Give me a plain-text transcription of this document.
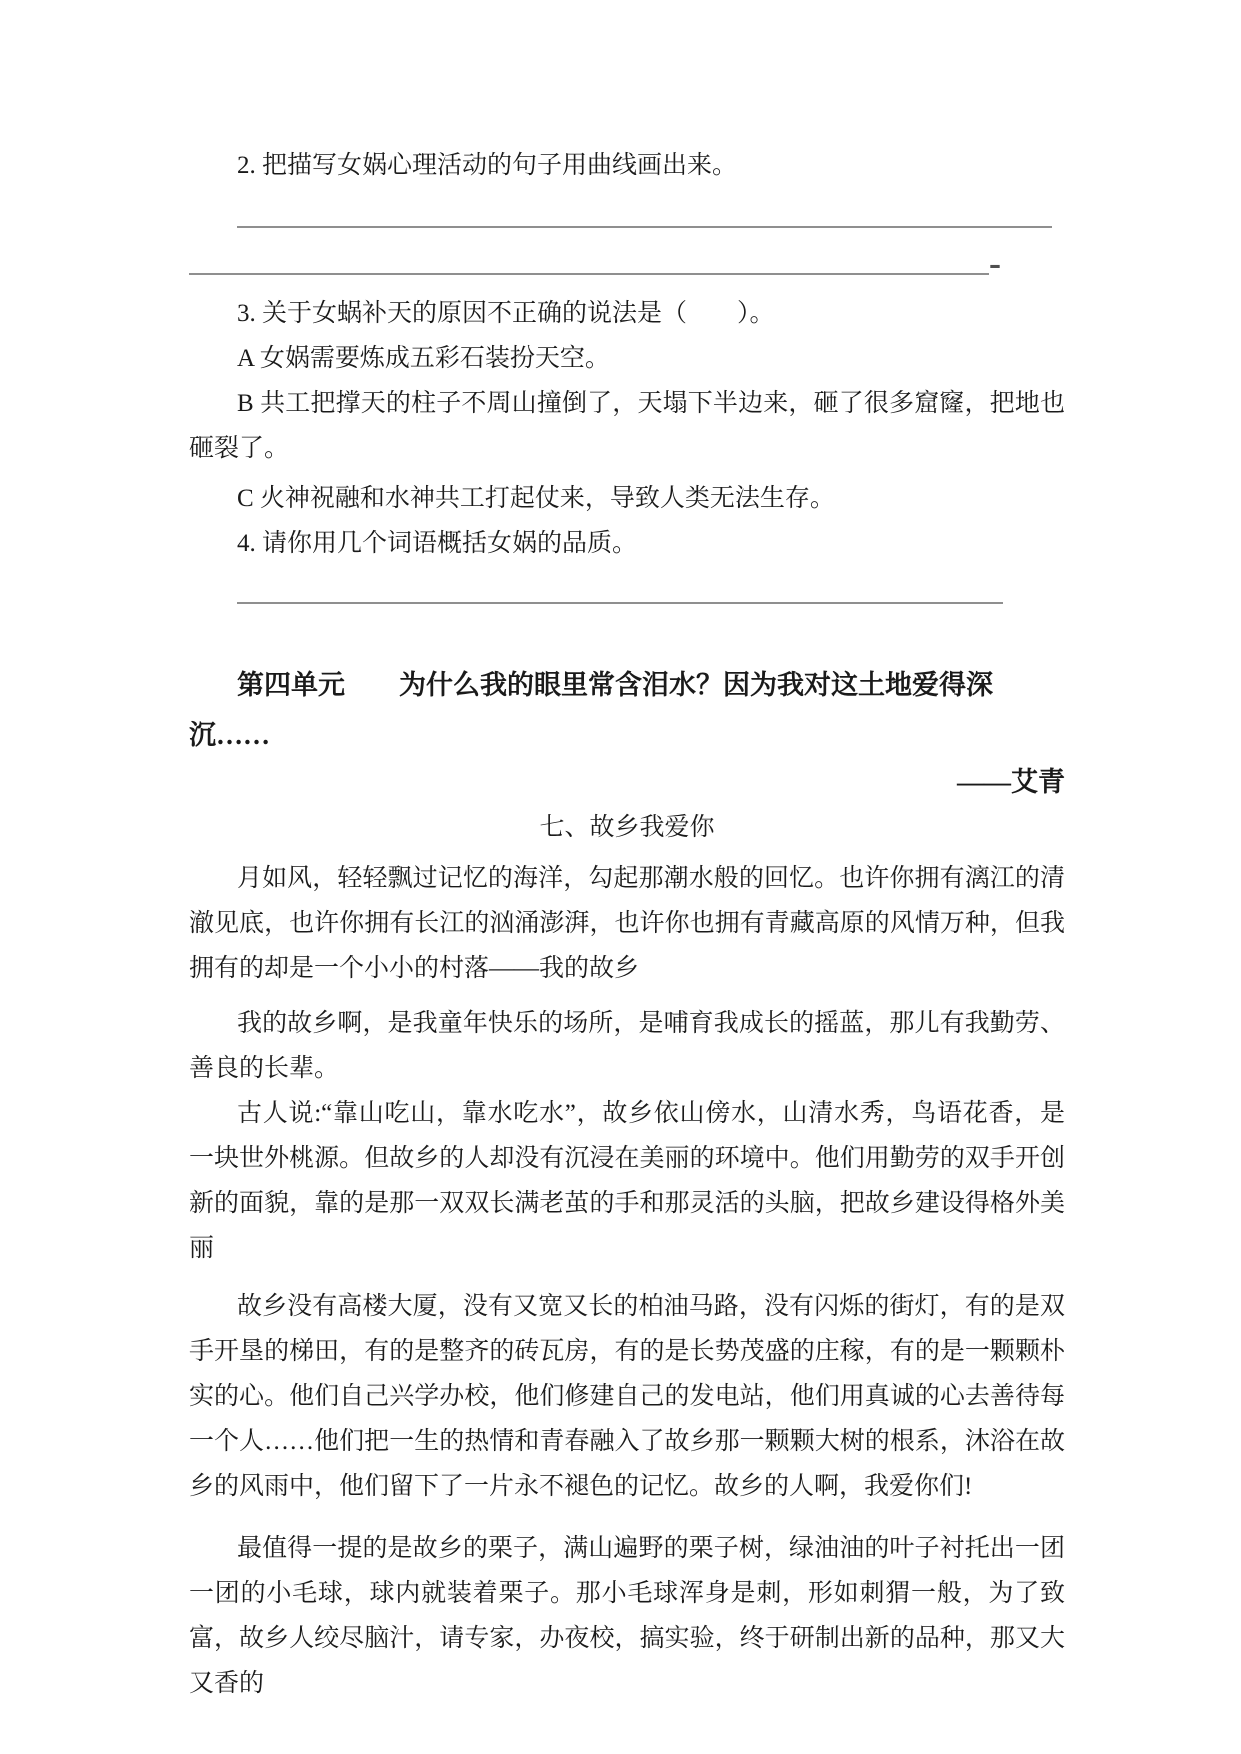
2. 把描写女娲心理活动的句子用曲线画出来。

-

3. 关于女蜗补天的原因不正确的说法是（　　）。

A 女娲需要炼成五彩石装扮天空。

B 共工把撑天的柱子不周山撞倒了，天塌下半边来，砸了很多窟窿，把地也砸裂了。

C 火神祝融和水神共工打起仗来，导致人类无法生存。

4. 请你用几个词语概括女娲的品质。

第四单元　　为什么我的眼里常含泪水？因为我对这土地爱得深沉……

——艾青

七、故乡我爱你

月如风，轻轻飘过记忆的海洋，勾起那潮水般的回忆。也许你拥有漓江的清澈见底，也许你拥有长江的汹涌澎湃，也许你也拥有青藏高原的风情万种，但我拥有的却是一个小小的村落——我的故乡

我的故乡啊，是我童年快乐的场所，是哺育我成长的摇蓝，那儿有我勤劳、善良的长辈。

古人说:“靠山吃山，靠水吃水”，故乡依山傍水，山清水秀，鸟语花香，是一块世外桃源。但故乡的人却没有沉浸在美丽的环境中。他们用勤劳的双手开创新的面貌，靠的是那一双双长满老茧的手和那灵活的头脑，把故乡建设得格外美丽

故乡没有高楼大厦，没有又宽又长的柏油马路，没有闪烁的街灯，有的是双手开垦的梯田，有的是整齐的砖瓦房，有的是长势茂盛的庄稼，有的是一颗颗朴实的心。他们自己兴学办校，他们修建自己的发电站，他们用真诚的心去善待每一个人……他们把一生的热情和青春融入了故乡那一颗颗大树的根系，沐浴在故乡的风雨中，他们留下了一片永不褪色的记忆。故乡的人啊，我爱你们!

最值得一提的是故乡的栗子，满山遍野的栗子树，绿油油的叶子衬托出一团一团的小毛球，球内就装着栗子。那小毛球浑身是刺，形如刺猬一般，为了致富，故乡人绞尽脑汁，请专家，办夜校，搞实验，终于研制出新的品种，那又大又香的
